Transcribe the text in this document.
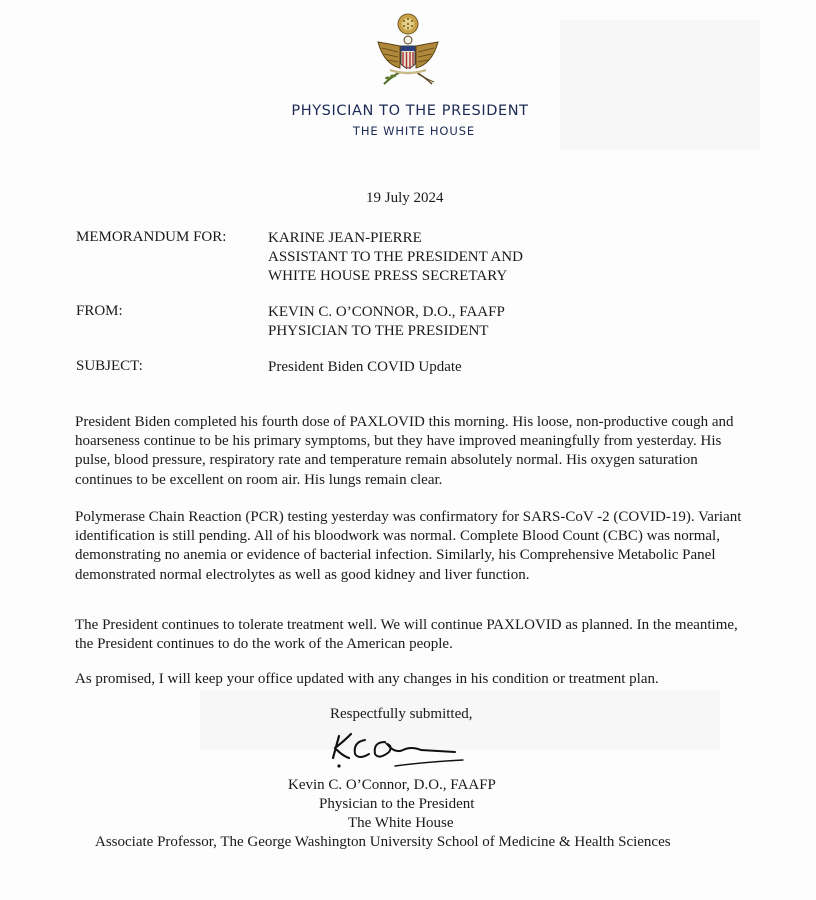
PHYSICIAN TO THE PRESIDENT
THE WHITE HOUSE
19 July 2024
MEMORANDUM FOR:	KARINE JEAN-PIERRE
ASSISTANT TO THE PRESIDENT AND
WHITE HOUSE PRESS SECRETARY
FROM:	KEVIN C. O’CONNOR, D.O., FAAFP
PHYSICIAN TO THE PRESIDENT
SUBJECT:	President Biden COVID Update

President Biden completed his fourth dose of PAXLOVID this morning. His loose, non-productive cough and hoarseness continue to be his primary symptoms, but they have improved meaningfully from yesterday. His pulse, blood pressure, respiratory rate and temperature remain absolutely normal. His oxygen saturation continues to be excellent on room air. His lungs remain clear.

Polymerase Chain Reaction (PCR) testing yesterday was confirmatory for SARS-CoV -2 (COVID-19). Variant identification is still pending. All of his bloodwork was normal. Complete Blood Count (CBC) was normal, demonstrating no anemia or evidence of bacterial infection. Similarly, his Comprehensive Metabolic Panel demonstrated normal electrolytes as well as good kidney and liver function.

The President continues to tolerate treatment well. We will continue PAXLOVID as planned. In the meantime, the President continues to do the work of the American people.

As promised, I will keep your office updated with any changes in his condition or treatment plan.

Respectfully submitted,
Kevin C. O’Connor, D.O., FAAFP
Physician to the President
The White House
Associate Professor, The George Washington University School of Medicine & Health Sciences
